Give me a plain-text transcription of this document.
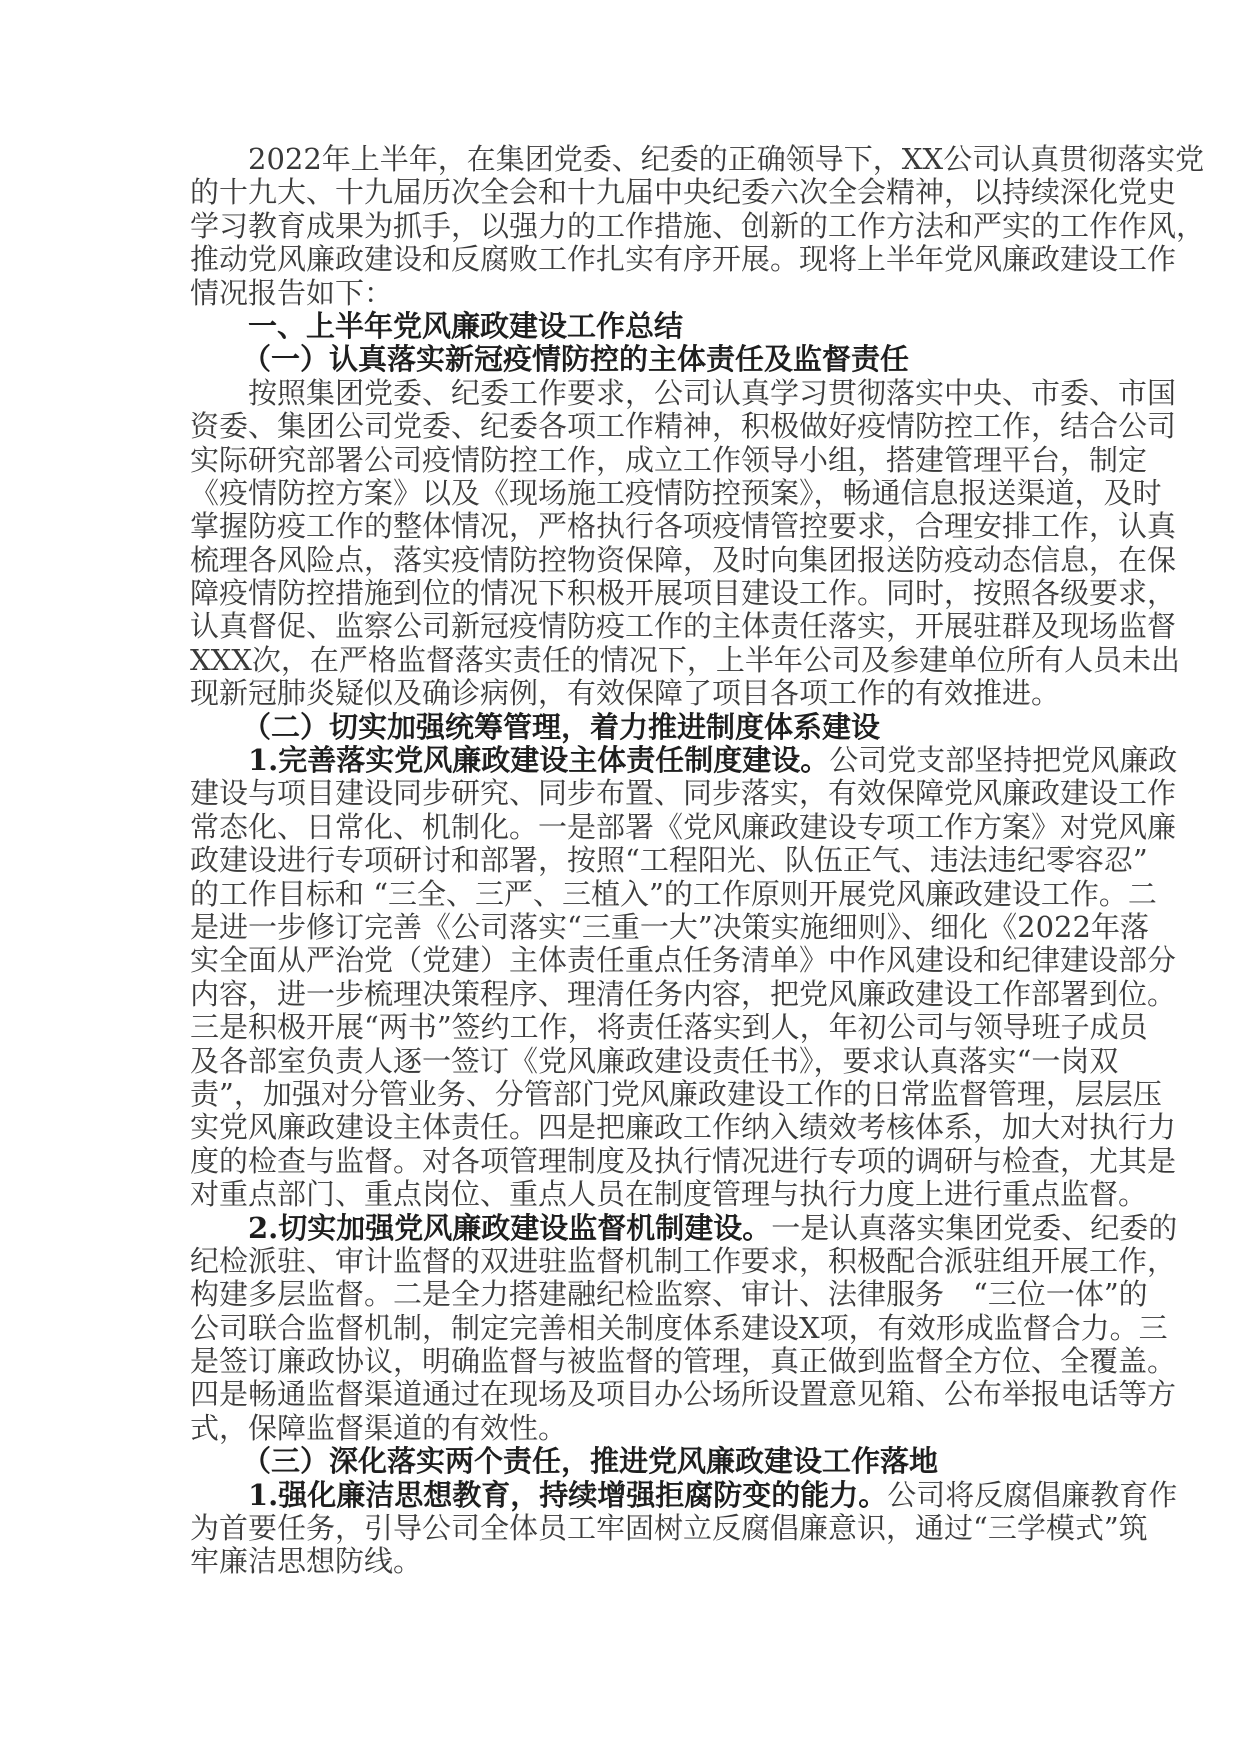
2022年上半年，在集团党委、纪委的正确领导下，XX公司认真贯彻落实党
的十九大、十九届历次全会和十九届中央纪委六次全会精神，以持续深化党史
学习教育成果为抓手，以强力的工作措施、创新的工作方法和严实的工作作风，
推动党风廉政建设和反腐败工作扎实有序开展。现将上半年党风廉政建设工作
情况报告如下：
一、上半年党风廉政建设工作总结
（一）认真落实新冠疫情防控的主体责任及监督责任
按照集团党委、纪委工作要求，公司认真学习贯彻落实中央、市委、市国
资委、集团公司党委、纪委各项工作精神，积极做好疫情防控工作，结合公司
实际研究部署公司疫情防控工作，成立工作领导小组，搭建管理平台，制定
《疫情防控方案》以及《现场施工疫情防控预案》，畅通信息报送渠道，及时
掌握防疫工作的整体情况，严格执行各项疫情管控要求，合理安排工作，认真
梳理各风险点，落实疫情防控物资保障，及时向集团报送防疫动态信息，在保
障疫情防控措施到位的情况下积极开展项目建设工作。同时，按照各级要求，
认真督促、监察公司新冠疫情防疫工作的主体责任落实，开展驻群及现场监督
XXX次，在严格监督落实责任的情况下，上半年公司及参建单位所有人员未出
现新冠肺炎疑似及确诊病例，有效保障了项目各项工作的有效推进。
（二）切实加强统筹管理，着力推进制度体系建设
1.完善落实党风廉政建设主体责任制度建设。公司党支部坚持把党风廉政
建设与项目建设同步研究、同步布置、同步落实，有效保障党风廉政建设工作
常态化、日常化、机制化。一是部署《党风廉政建设专项工作方案》对党风廉
政建设进行专项研讨和部署，按照“工程阳光、队伍正气、违法违纪零容忍”
的工作目标和 “三全、三严、三植入”的工作原则开展党风廉政建设工作。二
是进一步修订完善《公司落实“三重一大”决策实施细则》、细化《2022年落
实全面从严治党（党建）主体责任重点任务清单》中作风建设和纪律建设部分
内容，进一步梳理决策程序、理清任务内容，把党风廉政建设工作部署到位。
三是积极开展“两书”签约工作，将责任落实到人，年初公司与领导班子成员
及各部室负责人逐一签订《党风廉政建设责任书》，要求认真落实“一岗双
责”，加强对分管业务、分管部门党风廉政建设工作的日常监督管理，层层压
实党风廉政建设主体责任。四是把廉政工作纳入绩效考核体系，加大对执行力
度的检查与监督。对各项管理制度及执行情况进行专项的调研与检查，尤其是
对重点部门、重点岗位、重点人员在制度管理与执行力度上进行重点监督。
2.切实加强党风廉政建设监督机制建设。一是认真落实集团党委、纪委的
纪检派驻、审计监督的双进驻监督机制工作要求，积极配合派驻组开展工作，
构建多层监督。二是全力搭建融纪检监察、审计、法律服务　“三位一体”的
公司联合监督机制，制定完善相关制度体系建设X项，有效形成监督合力。三
是签订廉政协议，明确监督与被监督的管理，真正做到监督全方位、全覆盖。
四是畅通监督渠道通过在现场及项目办公场所设置意见箱、公布举报电话等方
式，保障监督渠道的有效性。
（三）深化落实两个责任，推进党风廉政建设工作落地
1.强化廉洁思想教育，持续增强拒腐防变的能力。公司将反腐倡廉教育作
为首要任务，引导公司全体员工牢固树立反腐倡廉意识，通过“三学模式”筑
牢廉洁思想防线。
